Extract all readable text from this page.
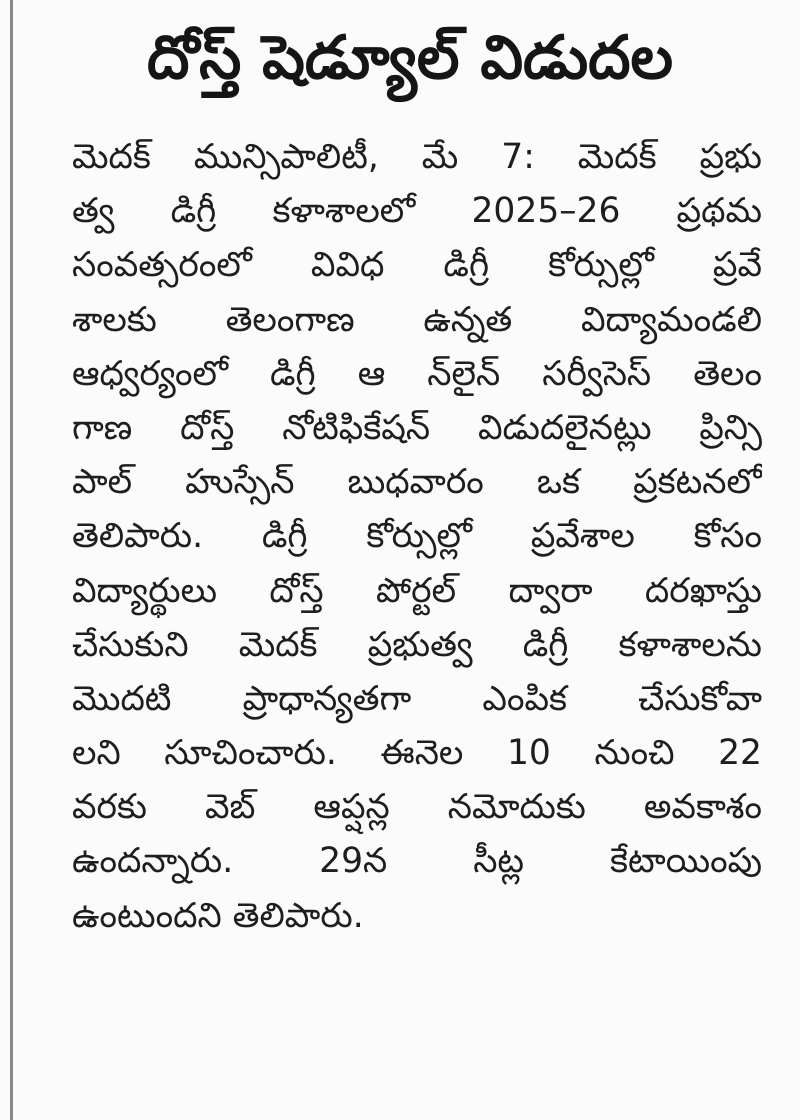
దోస్త్ షెడ్యూల్ విడుదల
మెదక్ మున్సిపాలిటీ, మే 7: మెదక్ ప్రభు
త్వ డిగ్రీ కళాశాలలో 2025–26 ప్రథమ
సంవత్సరంలో వివిధ డిగ్రీ కోర్సుల్లో ప్రవే
శాలకు తెలంగాణ ఉన్నత విద్యామండలి
ఆధ్వర్యంలో డిగ్రీ ఆ న్‌లైన్ సర్వీసెస్ తెలం
గాణ దోస్త్ నోటిఫికేషన్ విడుదలైనట్లు ప్రిన్సి
పాల్ హుస్సేన్ బుధవారం ఒక ప్రకటనలో
తెలిపారు. డిగ్రీ కోర్సుల్లో ప్రవేశాల కోసం
విద్యార్థులు దోస్త్ పోర్టల్ ద్వారా దరఖాస్తు
చేసుకుని మెదక్ ప్రభుత్వ డిగ్రీ కళాశాలను
మొదటి ప్రాధాన్యతగా ఎంపిక చేసుకోవా
లని సూచించారు. ఈనెల 10 నుంచి 22
వరకు వెబ్ ఆప్షన్ల నమోదుకు అవకాశం
ఉందన్నారు. 29న సీట్ల కేటాయింపు
ఉంటుందని తెలిపారు.
